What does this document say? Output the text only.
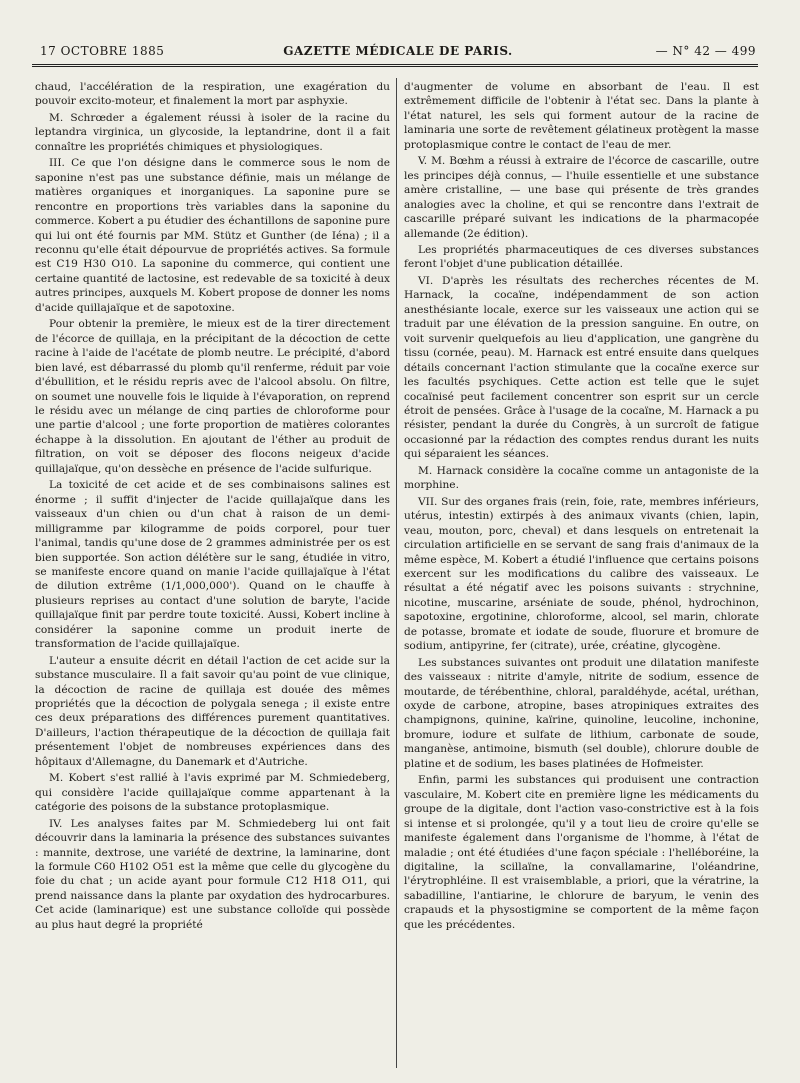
17 OCTOBRE 1885	GAZETTE MÉDICALE DE PARIS.	— N° 42 — 499

chaud, l'accélération de la respiration, une exagération du pouvoir excito-moteur, et finalement la mort par asphyxie.

M. Schrœder a également réussi à isoler de la racine du leptandra virginica, un glycoside, la leptandrine, dont il a fait connaître les propriétés chimiques et physiologiques.

III. Ce que l'on désigne dans le commerce sous le nom de saponine n'est pas une substance définie, mais un mélange de matières organiques et inorganiques. La saponine pure se rencontre en proportions très variables dans la saponine du commerce. Kobert a pu étudier des échantillons de saponine pure qui lui ont été fournis par MM. Stütz et Gunther (de Iéna) ; il a reconnu qu'elle était dépourvue de propriétés actives. Sa formule est C19 H30 O10. La saponine du commerce, qui contient une certaine quantité de lactosine, est redevable de sa toxicité à deux autres principes, auxquels M. Kobert propose de donner les noms d'acide quillajaïque et de sapotoxine.

Pour obtenir la première, le mieux est de la tirer directement de l'écorce de quillaja, en la précipitant de la décoction de cette racine à l'aide de l'acétate de plomb neutre. Le précipité, d'abord bien lavé, est débarrassé du plomb qu'il renferme, réduit par voie d'ébullition, et le résidu repris avec de l'alcool absolu. On filtre, on soumet une nouvelle fois le liquide à l'évaporation, on reprend le résidu avec un mélange de cinq parties de chloroforme pour une partie d'alcool ; une forte proportion de matières colorantes échappe à la dissolution. En ajoutant de l'éther au produit de filtration, on voit se déposer des flocons neigeux d'acide quillajaïque, qu'on dessèche en présence de l'acide sulfurique.

La toxicité de cet acide et de ses combinaisons salines est énorme ; il suffit d'injecter de l'acide quillajaïque dans les vaisseaux d'un chien ou d'un chat à raison de un demi-milligramme par kilogramme de poids corporel, pour tuer l'animal, tandis qu'une dose de 2 grammes administrée per os est bien supportée. Son action délétère sur le sang, étudiée in vitro, se manifeste encore quand on manie l'acide quillajaïque à l'état de dilution extrême (1/1,000,000'). Quand on le chauffe à plusieurs reprises au contact d'une solution de baryte, l'acide quillajaïque finit par perdre toute toxicité. Aussi, Kobert incline à considérer la saponine comme un produit inerte de transformation de l'acide quillajaïque.

L'auteur a ensuite décrit en détail l'action de cet acide sur la substance musculaire. Il a fait savoir qu'au point de vue clinique, la décoction de racine de quillaja est douée des mêmes propriétés que la décoction de polygala senega ; il existe entre ces deux préparations des différences purement quantitatives. D'ailleurs, l'action thérapeutique de la décoction de quillaja fait présentement l'objet de nombreuses expériences dans des hôpitaux d'Allemagne, du Danemark et d'Autriche.

M. Kobert s'est rallié à l'avis exprimé par M. Schmiedeberg, qui considère l'acide quillajaïque comme appartenant à la catégorie des poisons de la substance protoplasmique.

IV. Les analyses faites par M. Schmiedeberg lui ont fait découvrir dans la laminaria la présence des substances suivantes : mannite, dextrose, une variété de dextrine, la laminarine, dont la formule C60 H102 O51 est la même que celle du glycogène du foie du chat ; un acide ayant pour formule C12 H18 O11, qui prend naissance dans la plante par oxydation des hydrocarbures. Cet acide (laminarique) est une substance colloïde qui possède au plus haut degré la propriété

d'augmenter de volume en absorbant de l'eau. Il est extrêmement difficile de l'obtenir à l'état sec. Dans la plante à l'état naturel, les sels qui forment autour de la racine de laminaria une sorte de revêtement gélatineux protègent la masse protoplasmique contre le contact de l'eau de mer.

V. M. Bœhm a réussi à extraire de l'écorce de cascarille, outre les principes déjà connus, — l'huile essentielle et une substance amère cristalline, — une base qui présente de très grandes analogies avec la choline, et qui se rencontre dans l'extrait de cascarille préparé suivant les indications de la pharmacopée allemande (2e édition).

Les propriétés pharmaceutiques de ces diverses substances feront l'objet d'une publication détaillée.

VI. D'après les résultats des recherches récentes de M. Harnack, la cocaïne, indépendamment de son action anesthésiante locale, exerce sur les vaisseaux une action qui se traduit par une élévation de la pression sanguine. En outre, on voit survenir quelquefois au lieu d'application, une gangrène du tissu (cornée, peau). M. Harnack est entré ensuite dans quelques détails concernant l'action stimulante que la cocaïne exerce sur les facultés psychiques. Cette action est telle que le sujet cocaïnisé peut facilement concentrer son esprit sur un cercle étroit de pensées. Grâce à l'usage de la cocaïne, M. Harnack a pu résister, pendant la durée du Congrès, à un surcroît de fatigue occasionné par la rédaction des comptes rendus durant les nuits qui séparaient les séances.

M. Harnack considère la cocaïne comme un antagoniste de la morphine.

VII. Sur des organes frais (rein, foie, rate, membres inférieurs, utérus, intestin) extirpés à des animaux vivants (chien, lapin, veau, mouton, porc, cheval) et dans lesquels on entretenait la circulation artificielle en se servant de sang frais d'animaux de la même espèce, M. Kobert a étudié l'influence que certains poisons exercent sur les modifications du calibre des vaisseaux. Le résultat a été négatif avec les poisons suivants : strychnine, nicotine, muscarine, arséniate de soude, phénol, hydrochinon, sapotoxine, ergotinine, chloroforme, alcool, sel marin, chlorate de potasse, bromate et iodate de soude, fluorure et bromure de sodium, antipyrine, fer (citrate), urée, créatine, glycogène.

Les substances suivantes ont produit une dilatation manifeste des vaisseaux : nitrite d'amyle, nitrite de sodium, essence de moutarde, de térébenthine, chloral, paraldéhyde, acétal, uréthan, oxyde de carbone, atropine, bases atropiniques extraites des champignons, quinine, kaïrine, quinoline, leucoline, inchonine, bromure, iodure et sulfate de lithium, carbonate de soude, manganèse, antimoine, bismuth (sel double), chlorure double de platine et de sodium, les bases platinées de Hofmeister.

Enfin, parmi les substances qui produisent une contraction vasculaire, M. Kobert cite en première ligne les médicaments du groupe de la digitale, dont l'action vaso-constrictive est à la fois si intense et si prolongée, qu'il y a tout lieu de croire qu'elle se manifeste également dans l'organisme de l'homme, à l'état de maladie ; ont été étudiées d'une façon spéciale : l'helléboréine, la digitaline, la scillaïne, la convallamarine, l'oléandrine, l'érytrophléine. Il est vraisemblable, a priori, que la vératrine, la sabadilline, l'antiarine, le chlorure de baryum, le venin des crapauds et la physostigmine se comportent de la même façon que les précédentes.
